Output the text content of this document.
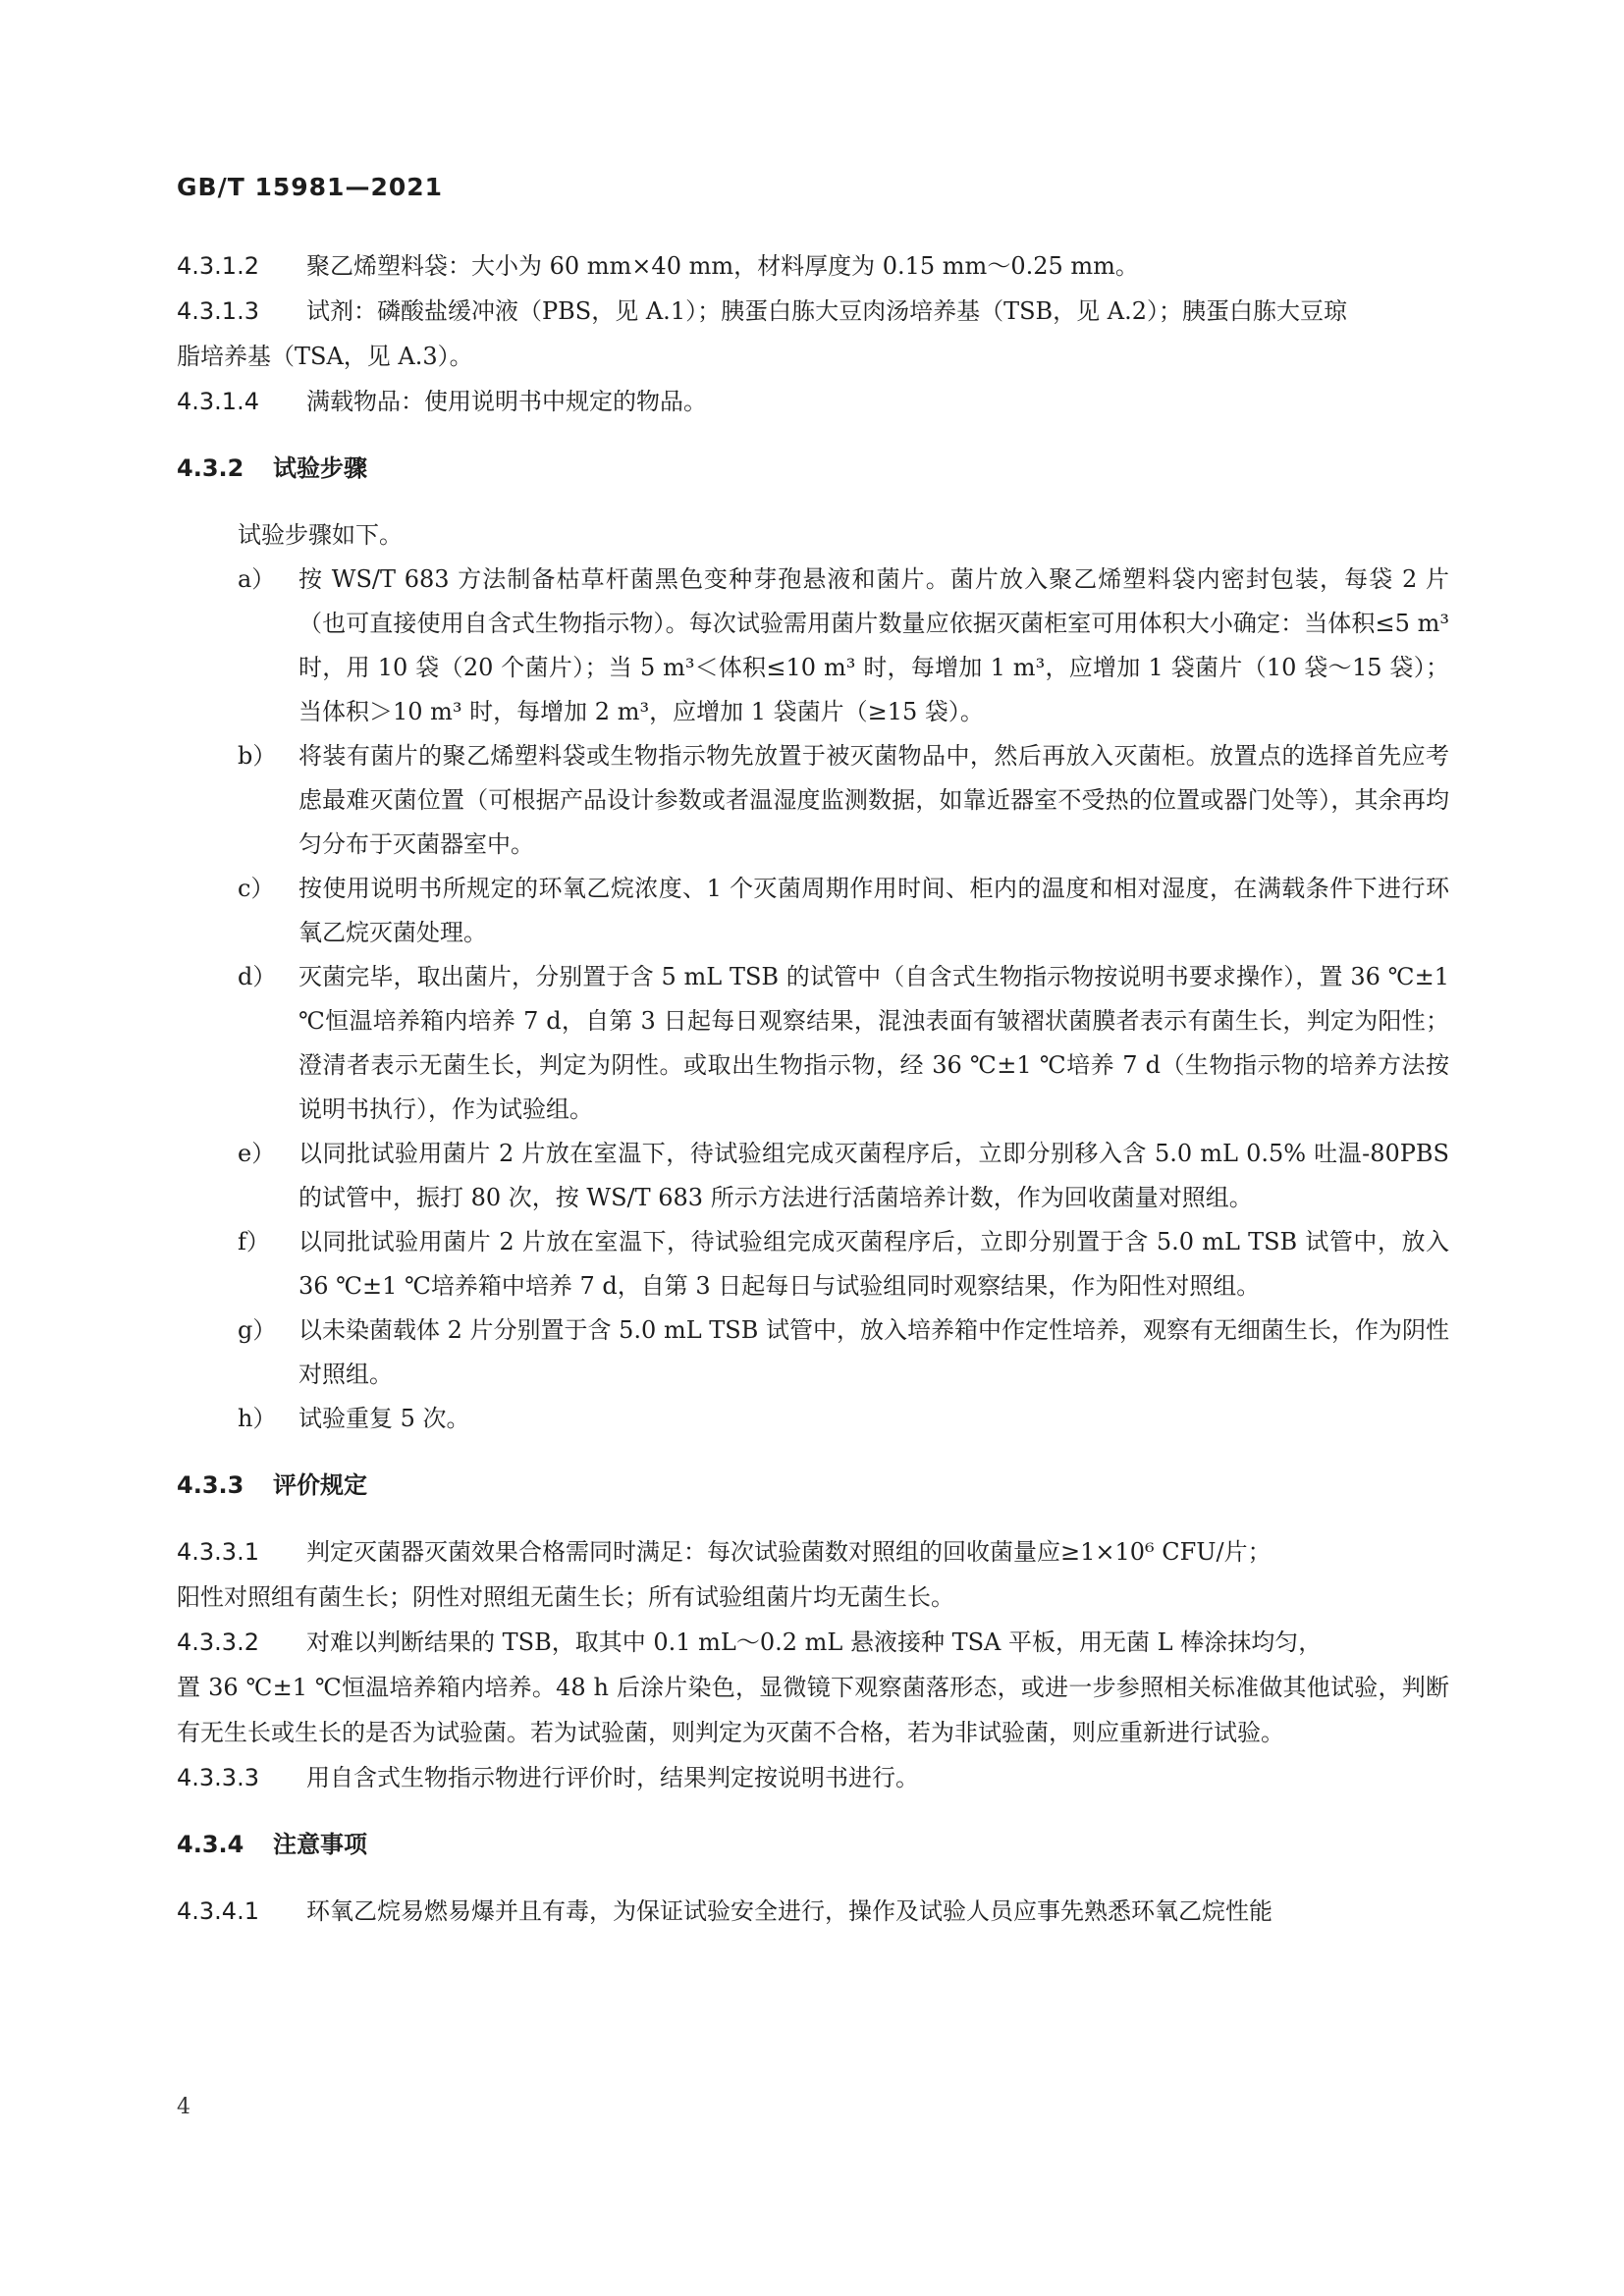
GB/T 15981—2021
4.3.1.2	聚乙烯塑料袋：大小为 60 mm×40 mm，材料厚度为 0.15 mm～0.25 mm。
4.3.1.3	试剂：磷酸盐缓冲液（PBS，见 A.1）；胰蛋白胨大豆肉汤培养基（TSB，见 A.2）；胰蛋白胨大豆琼
脂培养基（TSA，见 A.3）。
4.3.1.4	满载物品：使用说明书中规定的物品。
4.3.2 试验步骤
试验步骤如下。
a） 按 WS/T 683 方法制备枯草杆菌黑色变种芽孢悬液和菌片。菌片放入聚乙烯塑料袋内密封包装，每袋 2 片（也可直接使用自含式生物指示物）。每次试验需用菌片数量应依据灭菌柜室可用体积大小确定：当体积≤5 m³ 时，用 10 袋（20 个菌片）；当 5 m³＜体积≤10 m³ 时，每增加 1 m³，应增加 1 袋菌片（10 袋～15 袋）；当体积＞10 m³ 时，每增加 2 m³，应增加 1 袋菌片（≥15 袋）。
b） 将装有菌片的聚乙烯塑料袋或生物指示物先放置于被灭菌物品中，然后再放入灭菌柜。放置点的选择首先应考虑最难灭菌位置（可根据产品设计参数或者温湿度监测数据，如靠近器室不受热的位置或器门处等），其余再均匀分布于灭菌器室中。
c）	按使用说明书所规定的环氧乙烷浓度、1 个灭菌周期作用时间、柜内的温度和相对湿度，在满载条件下进行环氧乙烷灭菌处理。
d） 灭菌完毕，取出菌片，分别置于含 5 mL TSB 的试管中（自含式生物指示物按说明书要求操作），置 36 ℃±1 ℃恒温培养箱内培养 7 d，自第 3 日起每日观察结果，混浊表面有皱褶状菌膜者表示有菌生长，判定为阳性；澄清者表示无菌生长，判定为阴性。或取出生物指示物，经 36 ℃±1 ℃培养 7 d（生物指示物的培养方法按说明书执行），作为试验组。
e） 以同批试验用菌片 2 片放在室温下，待试验组完成灭菌程序后，立即分别移入含 5.0 mL 0.5% 吐温-80PBS 的试管中，振打 80 次，按 WS/T 683 所示方法进行活菌培养计数，作为回收菌量对照组。
f）	以同批试验用菌片 2 片放在室温下，待试验组完成灭菌程序后，立即分别置于含 5.0 mL TSB 试管中，放入 36 ℃±1 ℃培养箱中培养 7 d，自第 3 日起每日与试验组同时观察结果，作为阳性对照组。
g） 以未染菌载体 2 片分别置于含 5.0 mL TSB 试管中，放入培养箱中作定性培养，观察有无细菌生长，作为阴性对照组。
h） 试验重复 5 次。
4.3.3 评价规定
4.3.3.1	判定灭菌器灭菌效果合格需同时满足：每次试验菌数对照组的回收菌量应≥1×10⁶ CFU/片；
阳性对照组有菌生长；阴性对照组无菌生长；所有试验组菌片均无菌生长。
4.3.3.2	对难以判断结果的 TSB，取其中 0.1 mL～0.2 mL 悬液接种 TSA 平板，用无菌 L 棒涂抹均匀，
置 36 ℃±1 ℃恒温培养箱内培养。48 h 后涂片染色，显微镜下观察菌落形态，或进一步参照相关标准做其他试验，判断有无生长或生长的是否为试验菌。若为试验菌，则判定为灭菌不合格，若为非试验菌，则应重新进行试验。
4.3.3.3	用自含式生物指示物进行评价时，结果判定按说明书进行。
4.3.4 注意事项
4.3.4.1	环氧乙烷易燃易爆并且有毒，为保证试验安全进行，操作及试验人员应事先熟悉环氧乙烷性能
4
